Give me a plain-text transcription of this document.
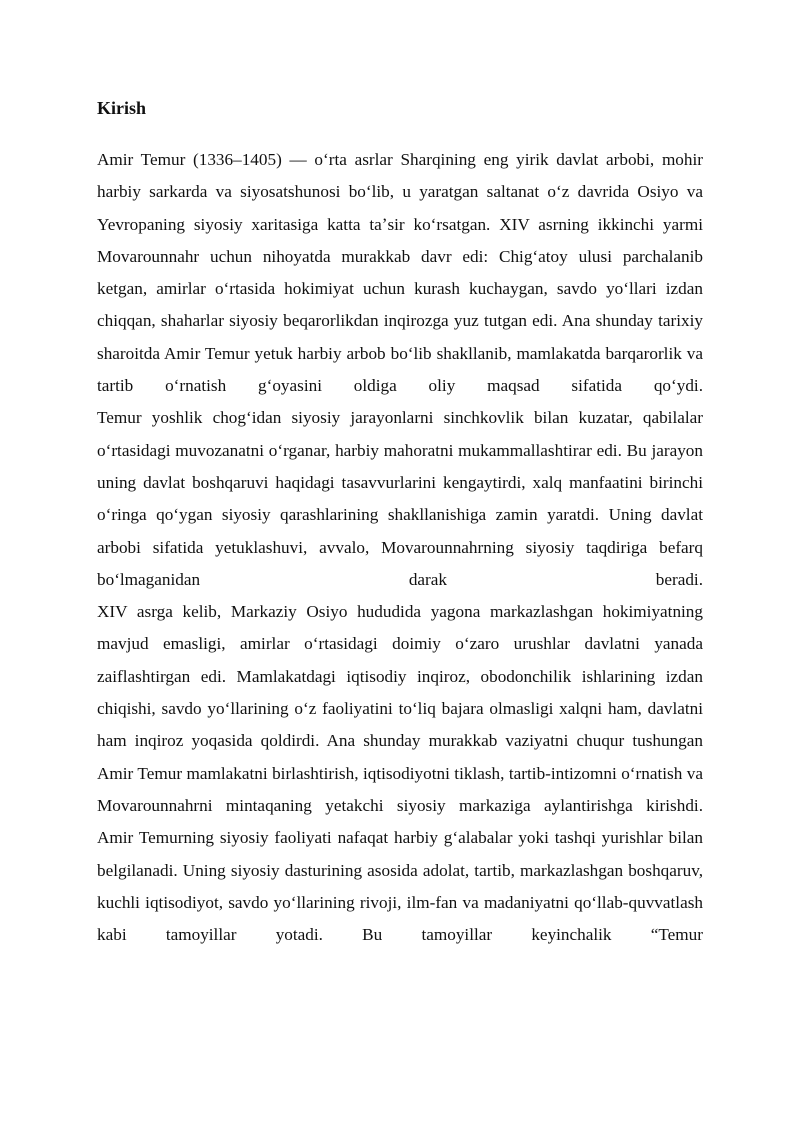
Kirish

Amir Temur (1336–1405) — oʻrta asrlar Sharqining eng yirik davlat arbobi, mohir harbiy sarkarda va siyosatshunosi boʻlib, u yaratgan saltanat oʻz davrida Osiyo va Yevropaning siyosiy xaritasiga katta taʼsir koʻrsatgan. XIV asrning ikkinchi yarmi Movarounnahr uchun nihoyatda murakkab davr edi: Chigʻatoy ulusi parchalanib ketgan, amirlar oʻrtasida hokimiyat uchun kurash kuchaygan, savdo yoʻllari izdan chiqqan, shaharlar siyosiy beqarorlikdan inqirozga yuz tutgan edi. Ana shunday tarixiy sharoitda Amir Temur yetuk harbiy arbob boʻlib shakllanib, mamlakatda barqarorlik va tartib oʻrnatish gʻoyasini oldiga oliy maqsad sifatida qoʻydi.

Temur yoshlik chogʻidan siyosiy jarayonlarni sinchkovlik bilan kuzatar, qabilalar oʻrtasidagi muvozanatni oʻrganar, harbiy mahoratni mukammallashtirar edi. Bu jarayon uning davlat boshqaruvi haqidagi tasavvurlarini kengaytirdi, xalq manfaatini birinchi oʻringa qoʻygan siyosiy qarashlarining shakllanishiga zamin yaratdi. Uning davlat arbobi sifatida yetuklashuvi, avvalo, Movarounnahrning siyosiy taqdiriga befarq boʻlmaganidan darak beradi.

XIV asrga kelib, Markaziy Osiyo hududida yagona markazlashgan hokimiyatning mavjud emasligi, amirlar oʻrtasidagi doimiy oʻzaro urushlar davlatni yanada zaiflashtirgan edi. Mamlakatdagi iqtisodiy inqiroz, obodonchilik ishlarining izdan chiqishi, savdo yoʻllarining oʻz faoliyatini toʻliq bajara olmasligi xalqni ham, davlatni ham inqiroz yoqasida qoldirdi. Ana shunday murakkab vaziyatni chuqur tushungan Amir Temur mamlakatni birlashtirish, iqtisodiyotni tiklash, tartib-intizomni oʻrnatish va Movarounnahrni mintaqaning yetakchi siyosiy markaziga aylantirishga kirishdi.

Amir Temurning siyosiy faoliyati nafaqat harbiy gʻalabalar yoki tashqi yurishlar bilan belgilanadi. Uning siyosiy dasturining asosida adolat, tartib, markazlashgan boshqaruv, kuchli iqtisodiyot, savdo yoʻllarining rivoji, ilm-fan va madaniyatni qoʻllab-quvvatlash kabi tamoyillar yotadi. Bu tamoyillar keyinchalik “Temur
